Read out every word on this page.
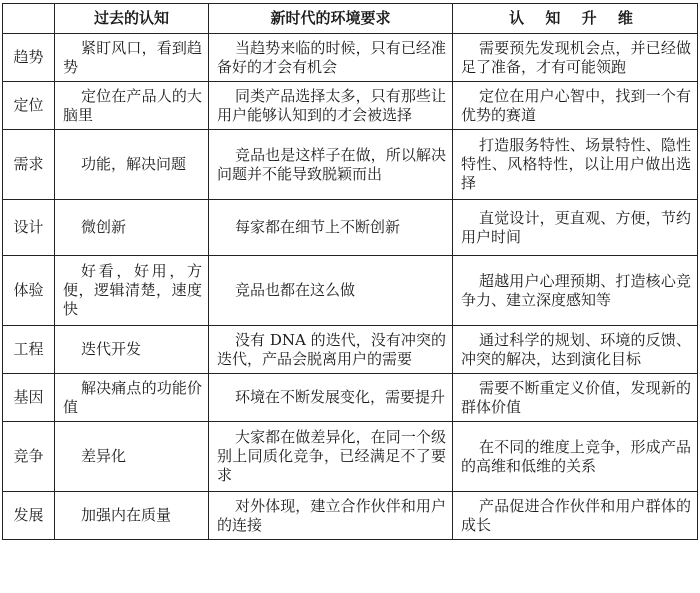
	过去的认知	新时代的环境要求	认 知 升 维
趋势	紧盯风口，看到趋势	当趋势来临的时候，只有已经准备好的才会有机会	需要预先发现机会点，并已经做足了准备，才有可能领跑
定位	定位在产品人的大脑里	同类产品选择太多，只有那些让用户能够认知到的才会被选择	定位在用户心智中，找到一个有优势的赛道
需求	功能，解决问题	竞品也是这样子在做，所以解决问题并不能导致脱颖而出	打造服务特性、场景特性、隐性特性、风格特性，以让用户做出选择
设计	微创新	每家都在细节上不断创新	直觉设计，更直观、方便，节约用户时间
体验	好看，好用，方便，逻辑清楚，速度快	竞品也都在这么做	超越用户心理预期、打造核心竞争力、建立深度感知等
工程	迭代开发	没有 DNA 的迭代，没有冲突的迭代，产品会脱离用户的需要	通过科学的规划、环境的反馈、冲突的解决，达到演化目标
基因	解决痛点的功能价值	环境在不断发展变化，需要提升	需要不断重定义价值，发现新的群体价值
竞争	差异化	大家都在做差异化，在同一个级别上同质化竞争，已经满足不了要求	在不同的维度上竞争，形成产品的高维和低维的关系
发展	加强内在质量	对外体现，建立合作伙伴和用户的连接	产品促进合作伙伴和用户群体的成长
